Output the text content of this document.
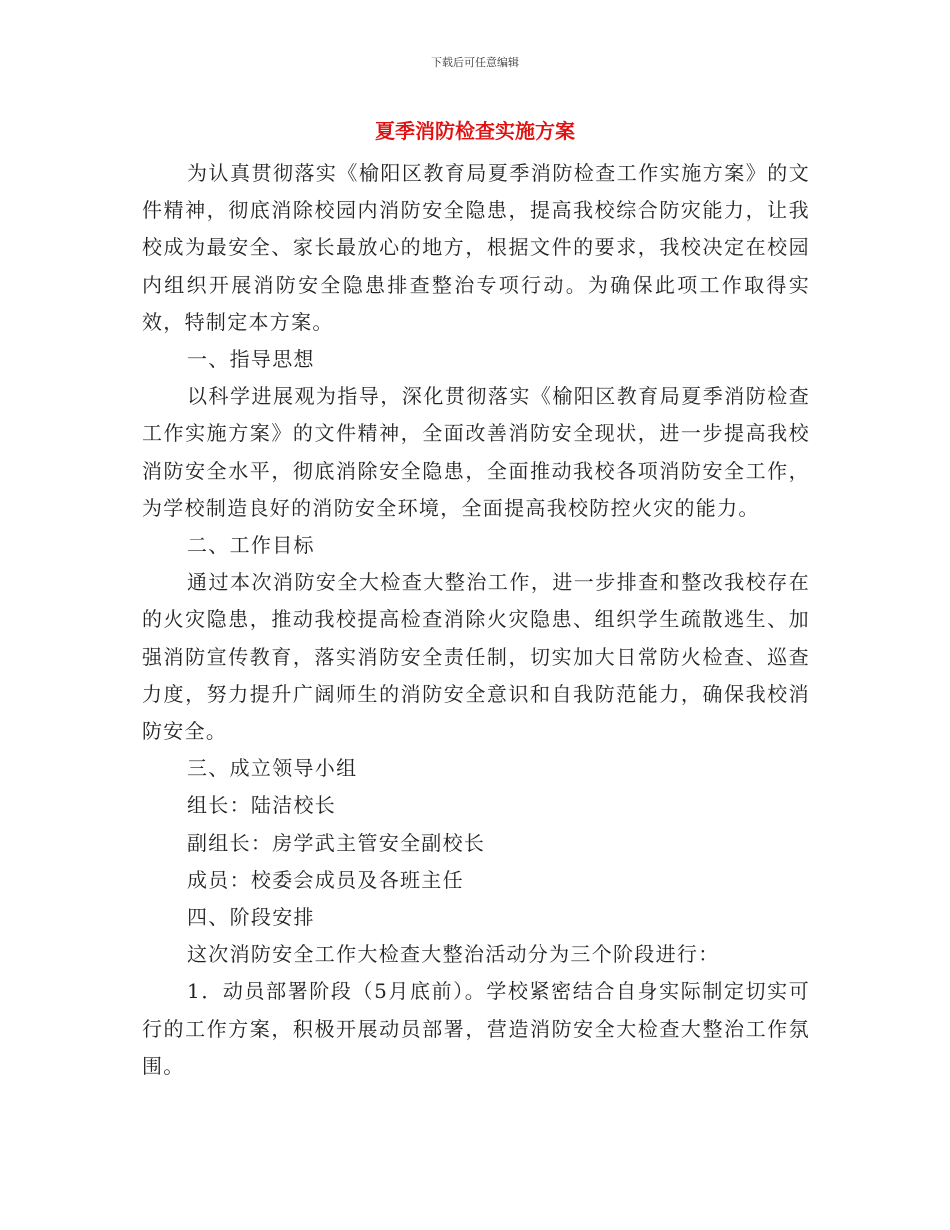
下载后可任意编辑
夏季消防检查实施方案

为认真贯彻落实《榆阳区教育局夏季消防检查工作实施方案》的文件精神，彻底消除校园内消防安全隐患，提高我校综合防灾能力，让我校成为最安全、家长最放心的地方，根据文件的要求，我校决定在校园内组织开展消防安全隐患排查整治专项行动。为确保此项工作取得实效，特制定本方案。

一、指导思想

以科学进展观为指导，深化贯彻落实《榆阳区教育局夏季消防检查工作实施方案》的文件精神，全面改善消防安全现状，进一步提高我校消防安全水平，彻底消除安全隐患，全面推动我校各项消防安全工作，为学校制造良好的消防安全环境，全面提高我校防控火灾的能力。

二、工作目标

通过本次消防安全大检查大整治工作，进一步排查和整改我校存在的火灾隐患，推动我校提高检查消除火灾隐患、组织学生疏散逃生、加强消防宣传教育，落实消防安全责任制，切实加大日常防火检查、巡查力度，努力提升广阔师生的消防安全意识和自我防范能力，确保我校消防安全。

三、成立领导小组

组长：陆洁校长

副组长：房学武主管安全副校长

成员：校委会成员及各班主任

四、阶段安排

这次消防安全工作大检查大整治活动分为三个阶段进行：

1．动员部署阶段（5月底前）。学校紧密结合自身实际制定切实可行的工作方案，积极开展动员部署，营造消防安全大检查大整治工作氛围。
